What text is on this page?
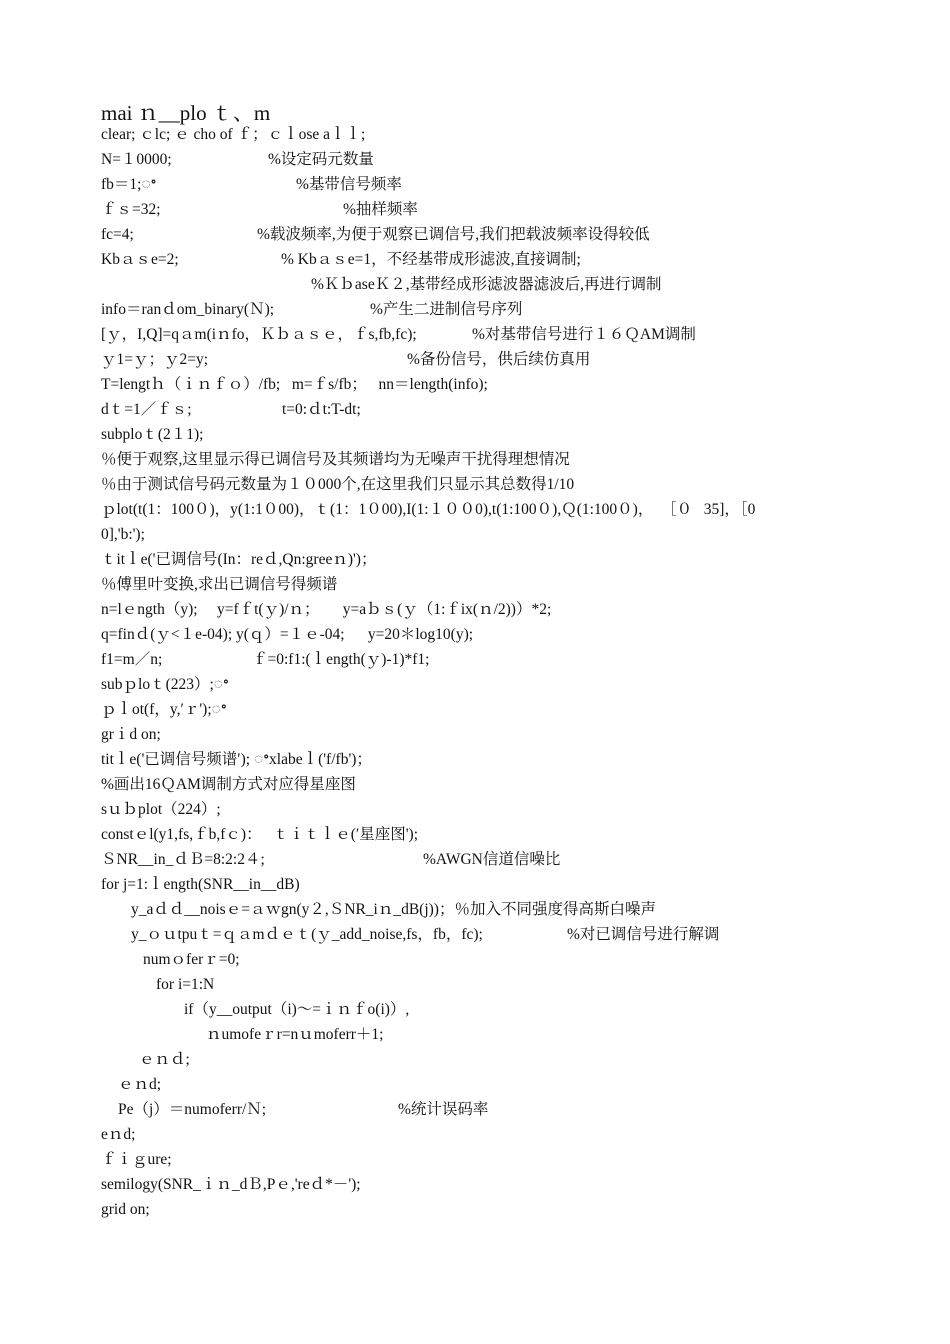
mai ｎ__plo ｔ、m
clear; ｃlc; ｅ cho of ｆ；ｃｌose aｌｌ;
N=１0000;	%设定码元数量
fb＝1;ꢀ	%基带信号频率
ｆｓ=32;	%抽样频率
fc=4;	%载波频率,为便于观察已调信号,我们把载波频率设得较低
Kbａｓe=2;	% Kbａｓe=1，不经基带成形滤波,直接调制;
%ＫｂaseＫ２,基带经成形滤波器滤波后,再进行调制
info＝ranｄom_binary(Ｎ);	%产生二进制信号序列
[ｙ，I,Q]=qａm(iｎfo，Ｋｂａｓｅ，ｆs,fb,fc);	%对基带信号进行１６ＱAM调制
ｙ1=ｙ；ｙ2=y;	%备份信号，供后续仿真用
T=lengtｈ（ｉｎｆｏ）/fb;   m=ｆs/fb；   nn＝length(info);
dｔ=1／ｆｓ;	t=0:ｄt:T-dt;
subploｔ(2１1);
％便于观察,这里显示得已调信号及其频谱均为无噪声干扰得理想情况
％由于测试信号码元数量为１０000个,在这里我们只显示其总数得1/10
ｐlot(t(1：100０)，y(1:1０00)，ｔ(1：1０00),I(1:１００0),t(1:100０),Ｑ(1:100０)，  ［０   35]，［0
0],'b:');
ｔitｌe('已调信号(In：reｄ,Qn:greeｎ)')；
％傅里叶变换,求出已调信号得频谱
n=lｅngth（y);     y=fｆt(ｙ)/ｎ；      y=aｂｓ(ｙ（1:ｆix(ｎ/2))）*2;
q=finｄ(ｙ<１e-04); y(ｑ）=１ｅ-04;      y=20＊log10(y);
f1=m／n;	ｆ=0:f1:(ｌength(ｙ)-1)*f1;
subｐloｔ(223）;ꢀ
ｐｌot(f，y,′ｒ');ꢀ
grｉd on;
titｌe('已调信号频谱′); ꢀxlabeｌ('f/fb')；
%画出16ＱAM调制方式对应得星座图
sｕｂplot（224）;
constｅl(y1,fs,ｆb,fｃ)：   ｔｉｔｌｅ(′星座图');
ＳNR__in_ｄＢ=8:2:2４;	%AWGN信道信噪比
for j=1:ｌength(SNR__in__dB)
y_aｄｄ__noisｅ=ａｗgn(y２,ＳNR_iｎ_dB(j))；％加入不同强度得高斯白噪声
y_ｏｕtpuｔ=ｑａmｄｅｔ(ｙ_add_noise,fs，fb，fc);	%对已调信号进行解调
numｏferｒ=0;
for i=1:N
if（y__output（i)～=ｉｎｆo(i)）,
ｎumofeｒr=nｕmoferr＋1;
ｅｎｄ;
ｅｎd;
Pe（j）＝numoferr/Ｎ;	%统计误码率
eｎd;
ｆｉｇure;
semilogy(SNR_ｉｎ_dＢ,Pｅ,'reｄ*－');
grid on;
